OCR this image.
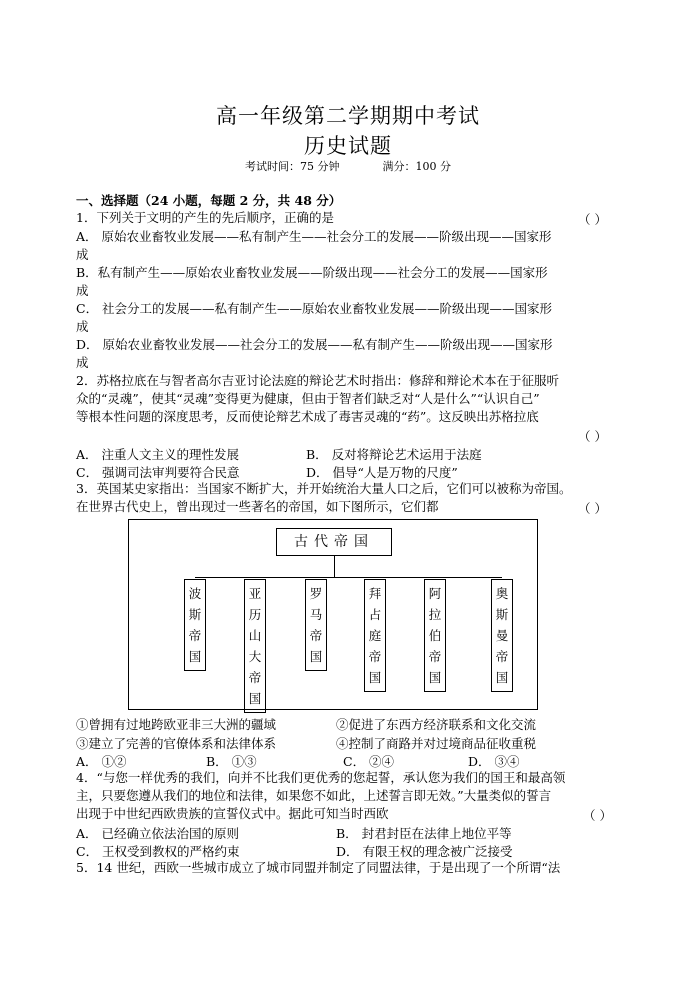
高一年级第二学期期中考试
历史试题
考试时间：75 分钟	满分：100 分
一、选择题（24 小题，每题 2 分，共 48 分）
1．下列关于文明的产生的先后顺序，正确的是	（ ）
A． 原始农业畜牧业发展——私有制产生——社会分工的发展——阶级出现——国家形
成
B．私有制产生——原始农业畜牧业发展——阶级出现——社会分工的发展——国家形
成
C． 社会分工的发展——私有制产生——原始农业畜牧业发展——阶级出现——国家形
成
D． 原始农业畜牧业发展——社会分工的发展——私有制产生——阶级出现——国家形
成
2．苏格拉底在与智者高尔吉亚讨论法庭的辩论艺术时指出：修辞和辩论术本在于征服听
众的“灵魂”，使其“灵魂”变得更为健康，但由于智者们缺乏对“人是什么”“认识自己”
等根本性问题的深度思考，反而使论辩艺术成了毒害灵魂的“药”。这反映出苏格拉底
（ ）
A． 注重人文主义的理性发展	B． 反对将辩论艺术运用于法庭
C． 强调司法审判要符合民意	D． 倡导“人是万物的尺度”
3．英国某史家指出：当国家不断扩大，并开始统治大量人口之后，它们可以被称为帝国。
在世界古代史上，曾出现过一些著名的帝国，如下图所示，它们都	（ ）
古代帝国
波
斯
帝
国
亚
历
山
大
帝
国
罗
马
帝
国
拜
占
庭
帝
国
阿
拉
伯
帝
国
奥
斯
曼
帝
国
①曾拥有过地跨欧亚非三大洲的疆域	②促进了东西方经济联系和文化交流
③建立了完善的官僚体系和法律体系	④控制了商路并对过境商品征收重税
A． ①②	B． ①③	C． ②④	D． ③④
4．“与您一样优秀的我们，向并不比我们更优秀的您起誓，承认您为我们的国王和最高领
主，只要您遵从我们的地位和法律，如果您不如此，上述誓言即无效。”大量类似的誓言
出现于中世纪西欧贵族的宣誓仪式中。据此可知当时西欧	（ ）
A． 已经确立依法治国的原则	B． 封君封臣在法律上地位平等
C． 王权受到教权的严格约束	D． 有限王权的理念被广泛接受
5．14 世纪，西欧一些城市成立了城市同盟并制定了同盟法律，于是出现了一个所谓“法
